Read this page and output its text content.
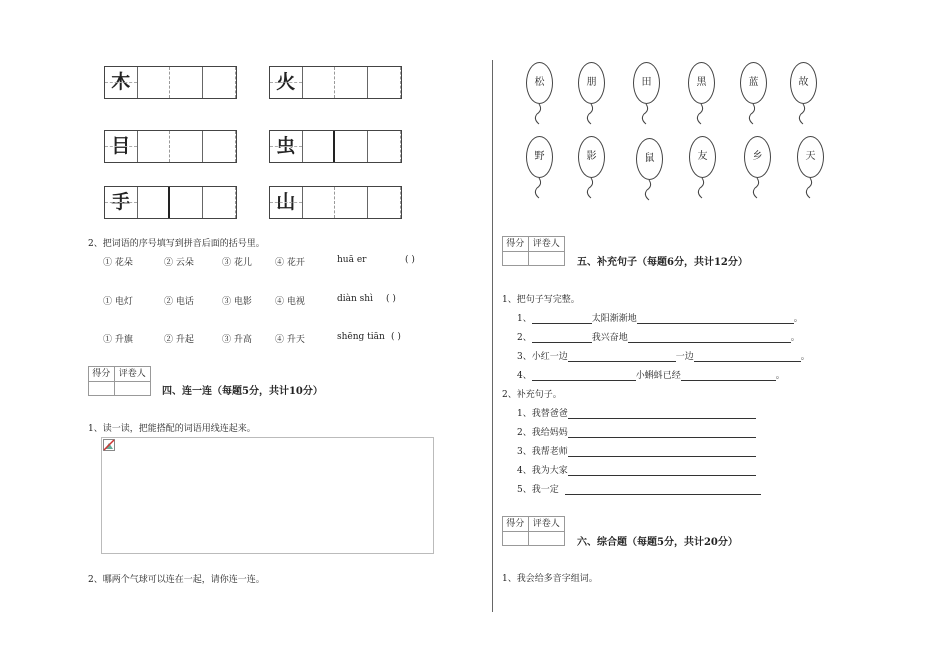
木	火
目	虫
手	山
2、把词语的序号填写到拼音后面的括号里。
① 花朵	② 云朵	③ 花儿	④ 花开	huā er	( )
① 电灯	② 电话	③ 电影	④ 电视	diàn shì ( )
① 升旗	② 升起	③ 升高	④ 升天	shēng tiān ( )
得分 评卷人
四、连一连（每题5分，共计10分）
1、读一读，把能搭配的词语用线连起来。
2、哪两个气球可以连在一起，请你连一连。
松	朋	田	黑	蓝	故
野	影	鼠	友	乡	天
得分 评卷人
五、补充句子（每题6分，共计12分）
1、把句子写完整。
1、	太阳渐渐地	。
2、	我兴奋地	。
3、小红一边	一边	。
4、	小蝌蚪已经	。
2、补充句子。
1、我替爸爸
2、我给妈妈
3、我帮老师
4、我为大家
5、我一定
得分 评卷人
六、综合题（每题5分，共计20分）
1、我会给多音字组词。
